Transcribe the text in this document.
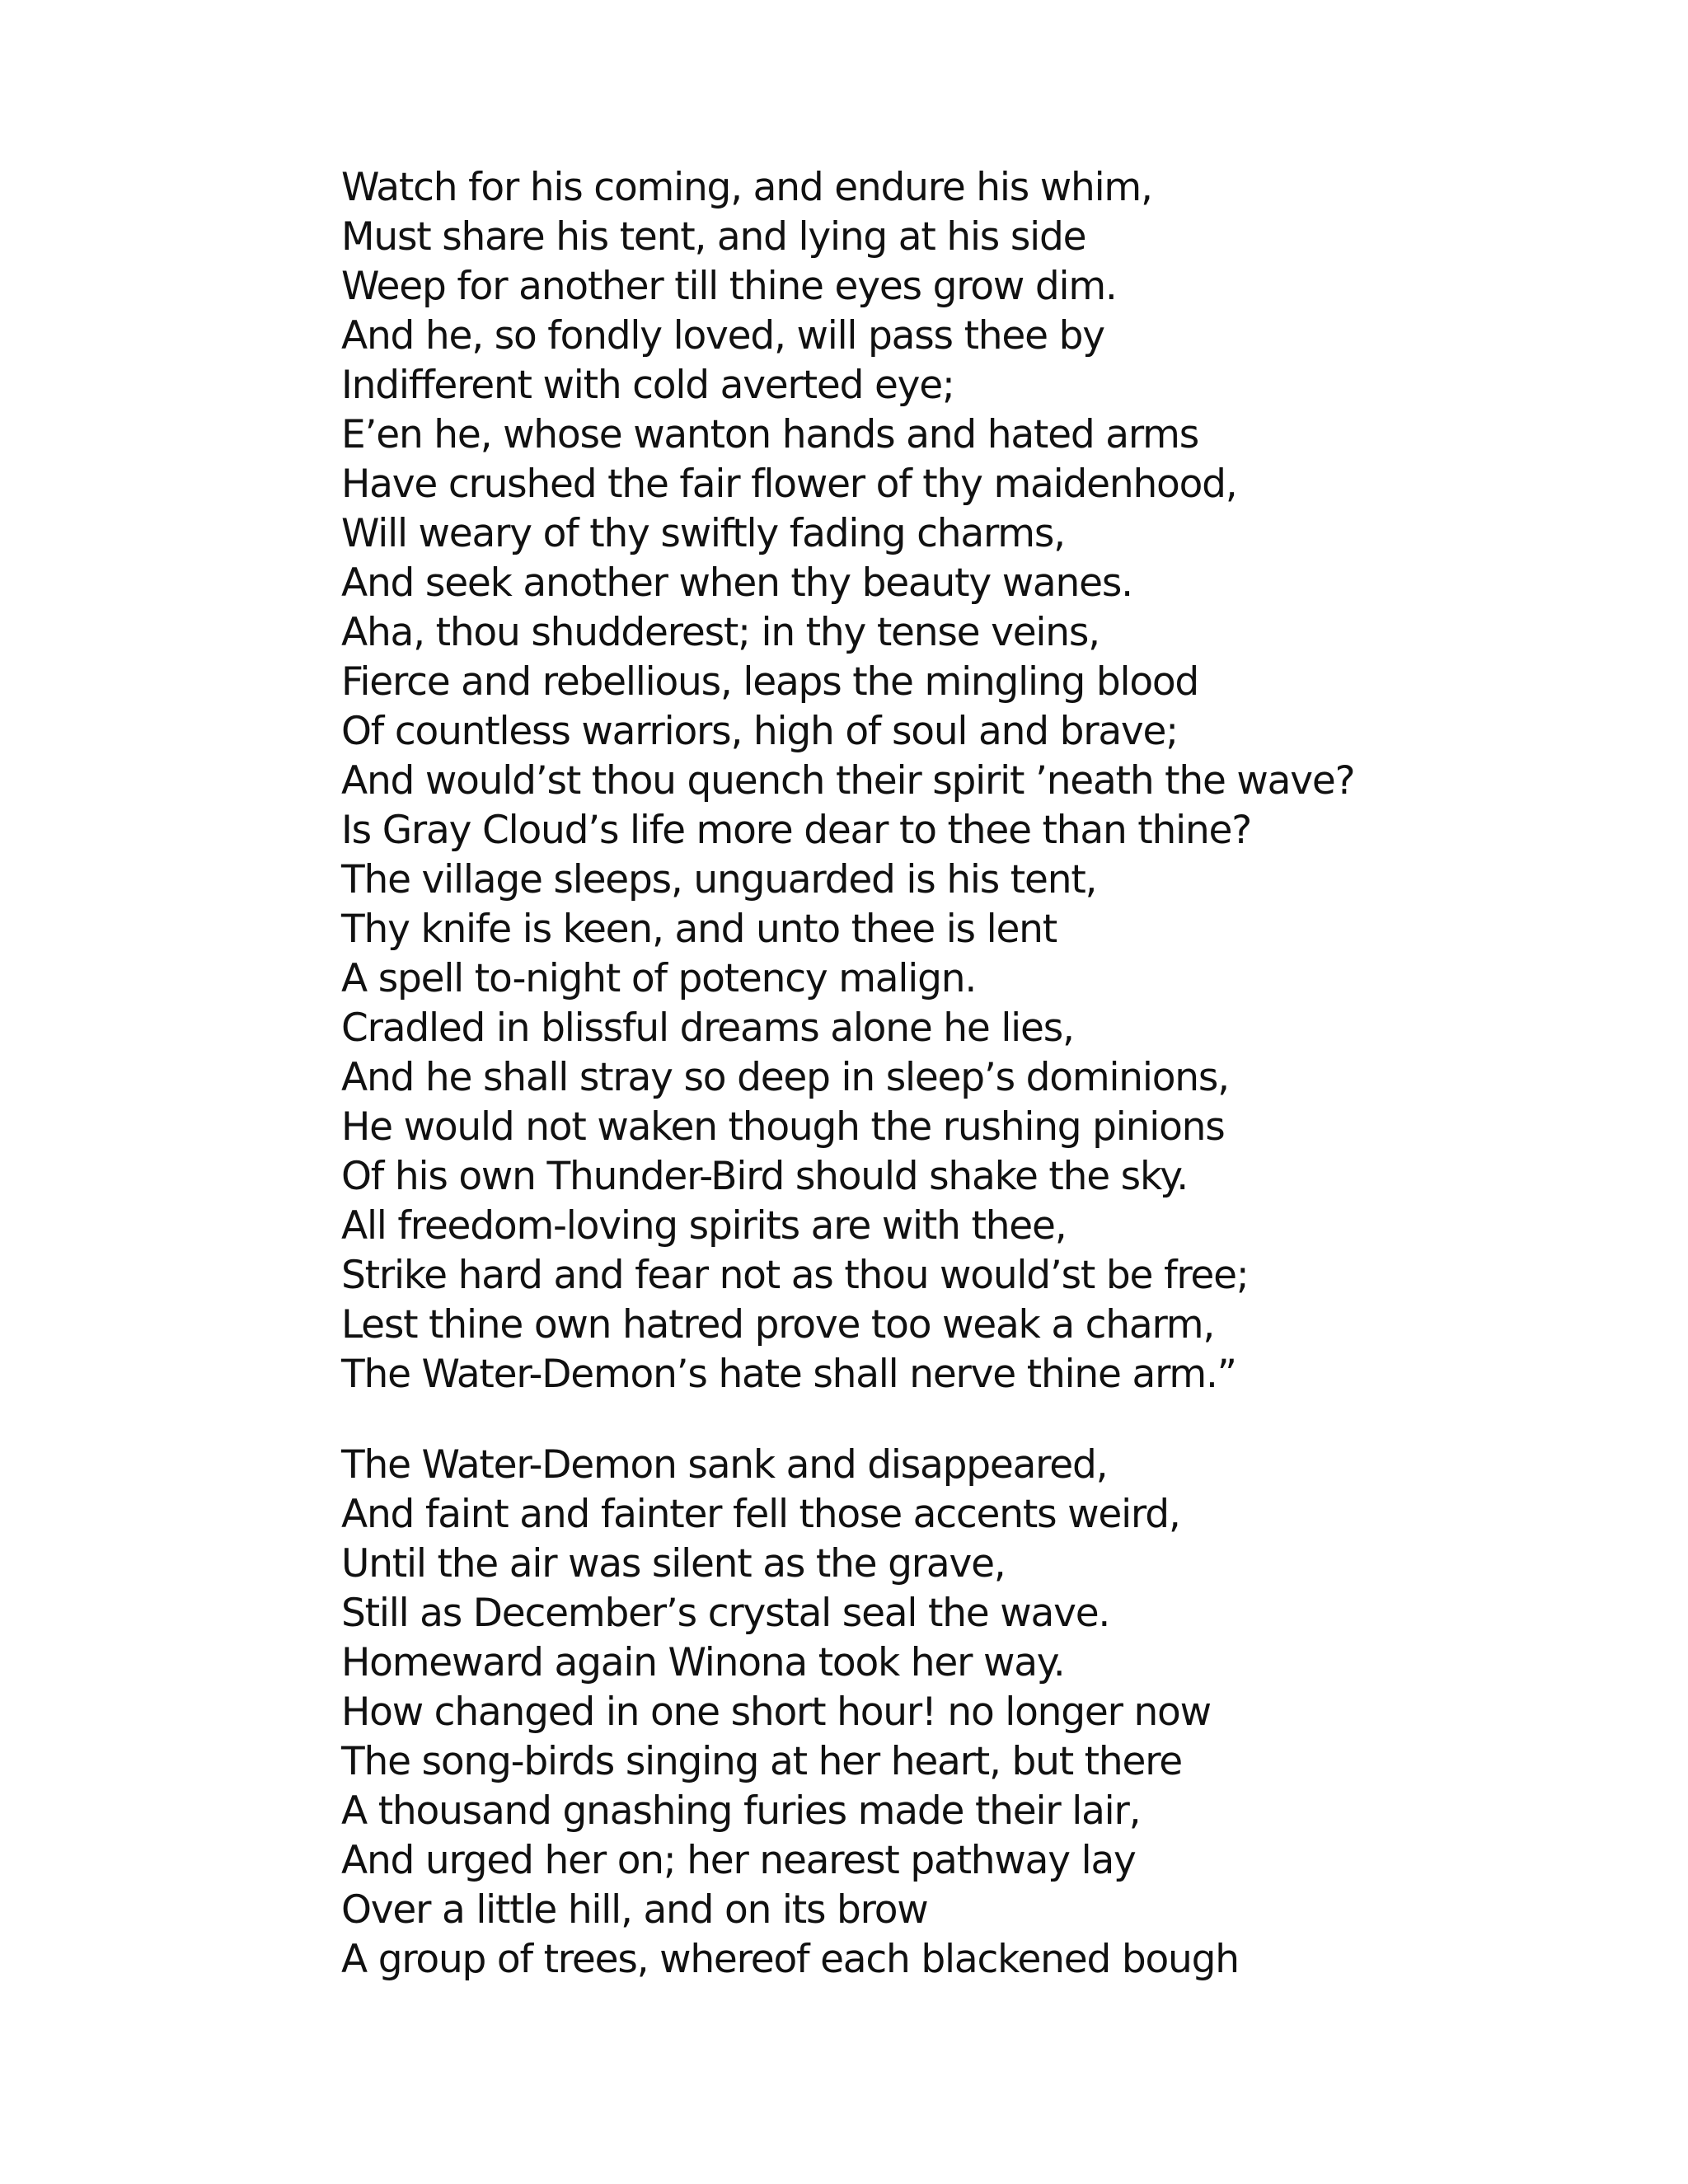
Watch for his coming, and endure his whim,
Must share his tent, and lying at his side
Weep for another till thine eyes grow dim.
And he, so fondly loved, will pass thee by
Indifferent with cold averted eye;
E’en he, whose wanton hands and hated arms
Have crushed the fair flower of thy maidenhood,
Will weary of thy swiftly fading charms,
And seek another when thy beauty wanes.
Aha, thou shudderest; in thy tense veins,
Fierce and rebellious, leaps the mingling blood
Of countless warriors, high of soul and brave;
And would’st thou quench their spirit ’neath the wave?
Is Gray Cloud’s life more dear to thee than thine?
The village sleeps, unguarded is his tent,
Thy knife is keen, and unto thee is lent
A spell to-night of potency malign.
Cradled in blissful dreams alone he lies,
And he shall stray so deep in sleep’s dominions,
He would not waken though the rushing pinions
Of his own Thunder-Bird should shake the sky.
All freedom-loving spirits are with thee,
Strike hard and fear not as thou would’st be free;
Lest thine own hatred prove too weak a charm,
The Water-Demon’s hate shall nerve thine arm.”
The Water-Demon sank and disappeared,
And faint and fainter fell those accents weird,
Until the air was silent as the grave,
Still as December’s crystal seal the wave.
Homeward again Winona took her way.
How changed in one short hour! no longer now
The song-birds singing at her heart, but there
A thousand gnashing furies made their lair,
And urged her on; her nearest pathway lay
Over a little hill, and on its brow
A group of trees, whereof each blackened bough
